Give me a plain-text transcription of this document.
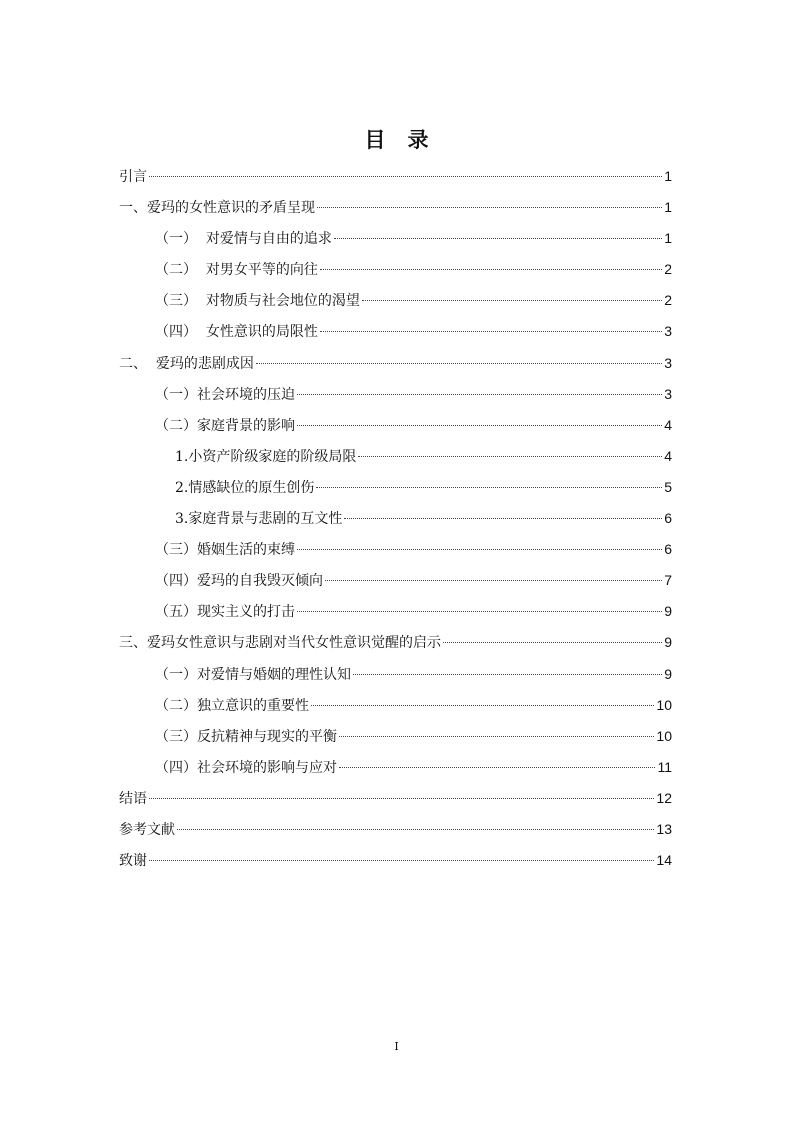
目 录
引言	1
一、爱玛的女性意识的矛盾呈现	1
（一）  对爱情与自由的追求	1
（二）  对男女平等的向往	2
（三）  对物质与社会地位的渴望	2
（四）  女性意识的局限性	3
二、  爱玛的悲剧成因	3
（一）社会环境的压迫	3
（二）家庭背景的影响	4
1.小资产阶级家庭的阶级局限	4
2.情感缺位的原生创伤	5
3.家庭背景与悲剧的互文性	6
（三）婚姻生活的束缚	6
（四）爱玛的自我毁灭倾向	7
（五）现实主义的打击	9
三、爱玛女性意识与悲剧对当代女性意识觉醒的启示	9
（一）对爱情与婚姻的理性认知	9
（二）独立意识的重要性	10
（三）反抗精神与现实的平衡	10
（四）社会环境的影响与应对	11
结语	12
参考文献	13
致谢	14
I
